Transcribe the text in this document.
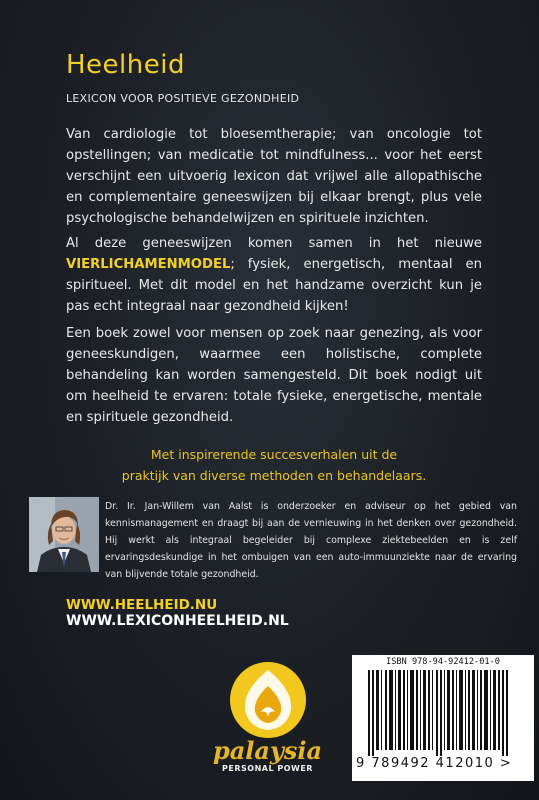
Heelheid
LEXICON VOOR POSITIEVE GEZONDHEID
Van cardiologie tot bloesemtherapie; van oncologie tot opstellingen; van medicatie tot mindfulness... voor het eerst verschijnt een uitvoerig lexicon dat vrijwel alle allopathische en complementaire geneeswijzen bij elkaar brengt, plus vele psychologische behandelwijzen en spirituele inzichten.
Al deze geneeswijzen komen samen in het nieuwe VIERLICHAMENMODEL; fysiek, energetisch, mentaal en spiritueel. Met dit model en het handzame overzicht kun je pas echt integraal naar gezondheid kijken!
Een boek zowel voor mensen op zoek naar genezing, als voor geneeskundigen, waarmee een holistische, complete behandeling kan worden samengesteld. Dit boek nodigt uit om heelheid te ervaren: totale fysieke, energetische, mentale en spirituele gezondheid.
Met inspirerende succesverhalen uit de
praktijk van diverse methoden en behandelaars.
Dr. Ir. Jan-Willem van Aalst is onderzoeker en adviseur op het gebied van kennismanagement en draagt bij aan de vernieuwing in het denken over gezondheid. Hij werkt als integraal begeleider bij complexe ziektebeelden en is zelf ervaringsdeskundige in het ombuigen van een auto-immuunziekte naar de ervaring van blijvende totale gezondheid.
WWW.HEELHEID.NU
WWW.LEXICONHEELHEID.NL
palaysia
PERSONAL POWER
ISBN 978-94-92412-01-0
9 789492 412010 >
